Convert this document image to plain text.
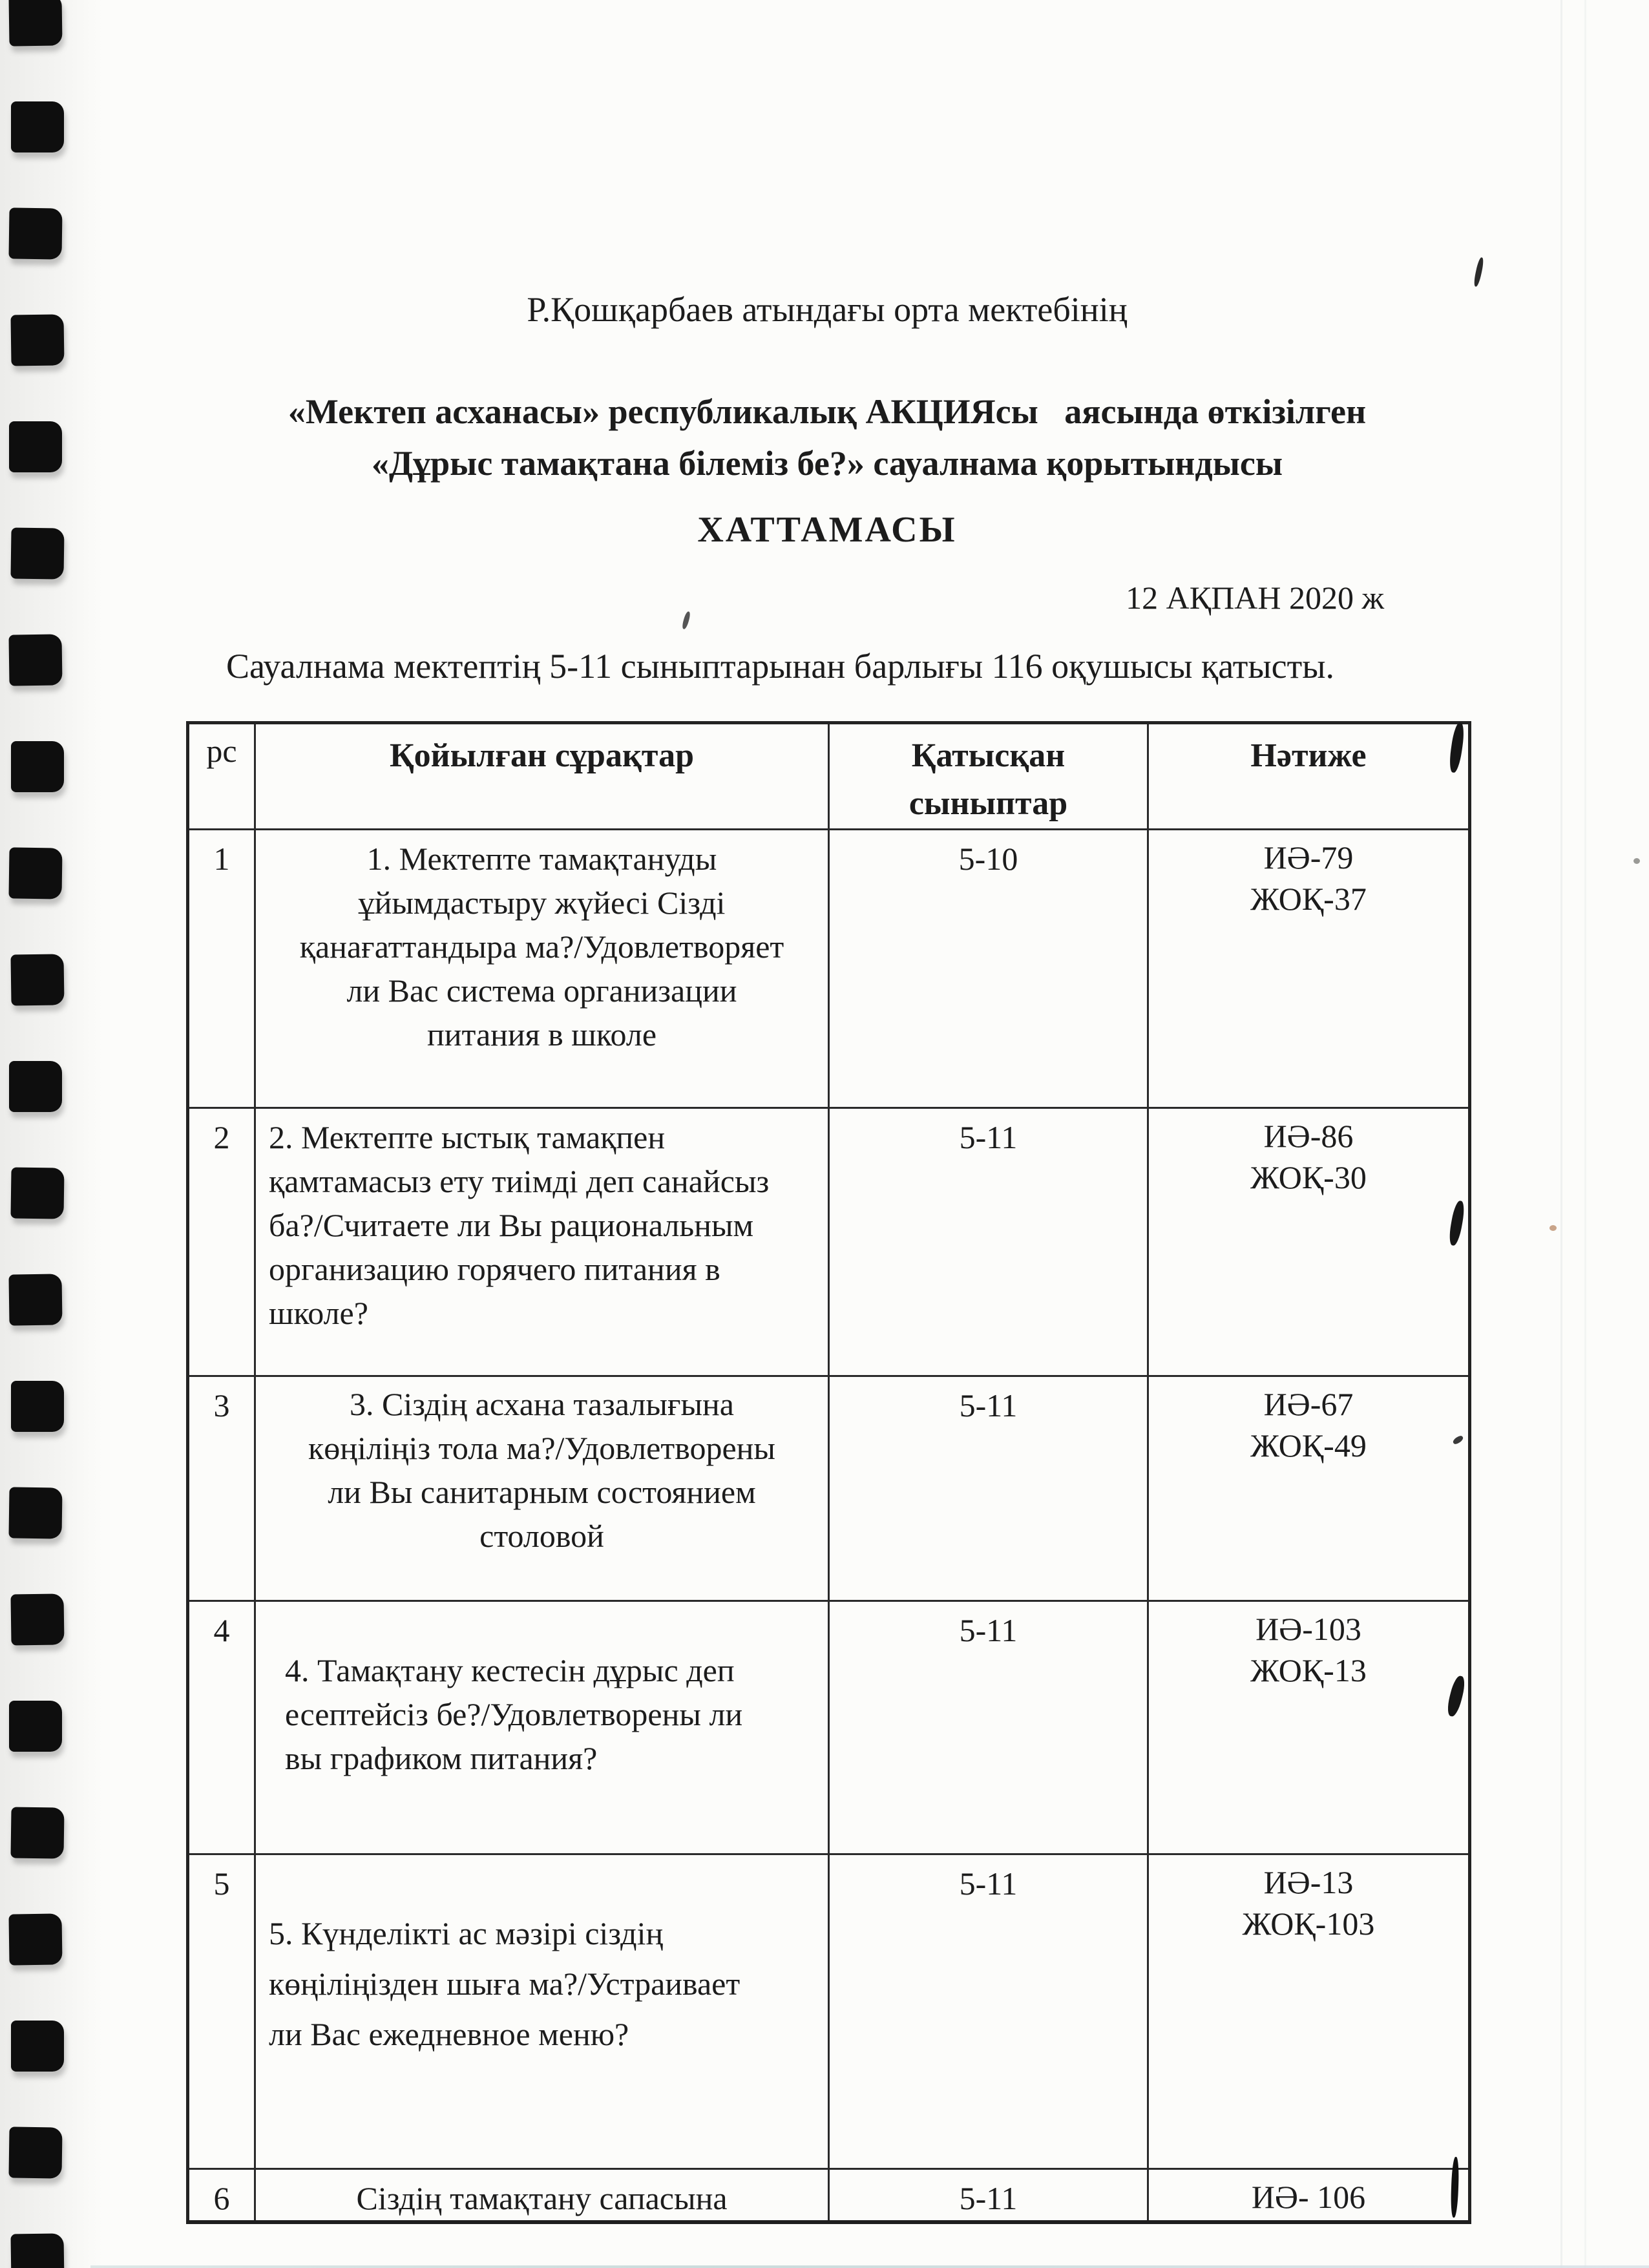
Р.Қошқарбаев атындағы орта мектебінің

«Мектеп асханасы» республикалық АКЦИЯсы   аясында өткізілген

«Дұрыс тамақтана білеміз бе?» сауалнама қорытындысы

ХАТТАМАСЫ

12 АҚПАН 2020 ж

Сауалнама мектептің 5-11 сыныптарынан барлығы 116 оқушысы қатысты.

рс	Қойылған сұрақтар	Қатысқан сыныптар	Нәтиже

1	1. Мектепте тамақтануды ұйымдастыру жүйесі Сізді қанағаттандыра ма?/Удовлетворяет ли Вас система организации питания в школе	5-10	ИӘ-79
ЖОҚ-37

2	2. Мектепте ыстық тамақпен қамтамасыз ету тиімді деп санайсыз ба?/Считаете ли Вы рациональным организацию горячего питания в школе?	5-11	ИӘ-86
ЖОҚ-30

3	3. Сіздің асхана тазалығына көңіліңіз тола ма?/Удовлетворены ли Вы санитарным состоянием столовой	5-11	ИӘ-67
ЖОҚ-49

4	4. Тамақтану кестесін дұрыс деп есептейсіз бе?/Удовлетворены ли вы графиком питания?	5-11	ИӘ-103
ЖОҚ-13

5	5. Күнделікті ас мәзірі сіздің көңіліңізден шыға ма?/Устраивает ли Вас ежедневное меню?	5-11	ИӘ-13
ЖОҚ-103

6	Сіздің тамақтану сапасына	5-11	ИӘ- 106
